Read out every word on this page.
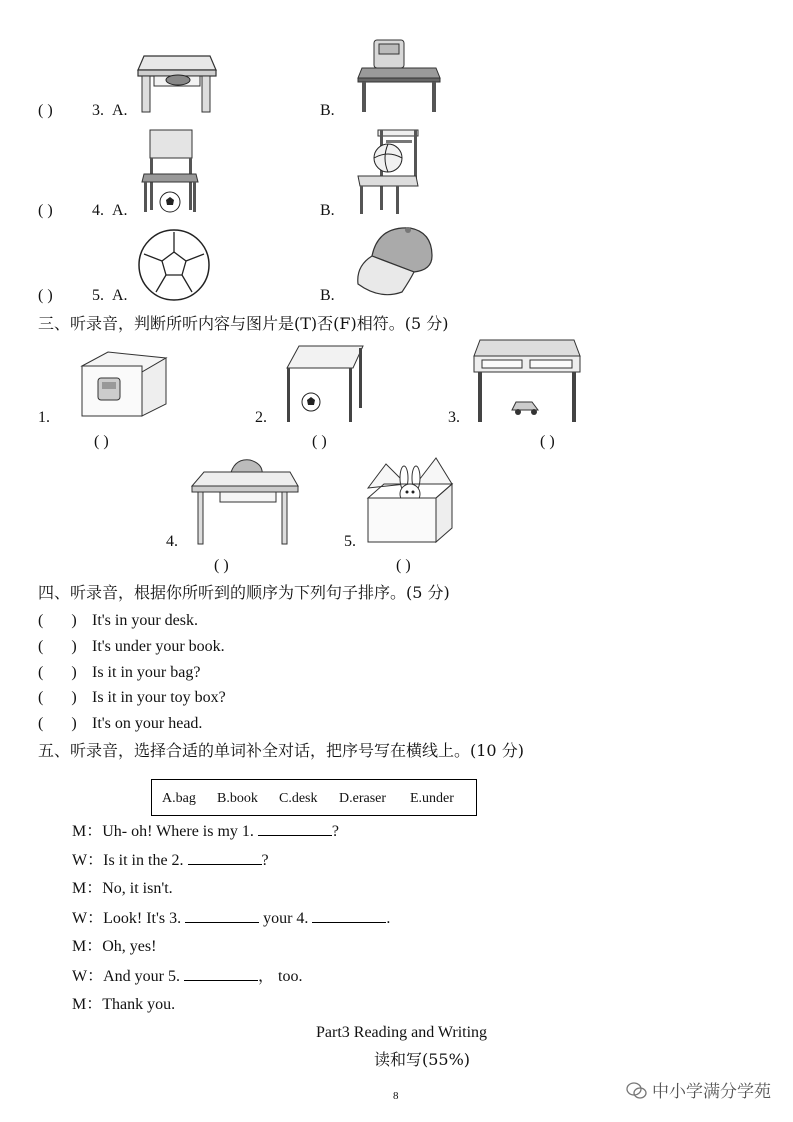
( ) 3. A.	B.
( ) 4. A.	B.
( ) 5. A.	B.
三、听录音，判断所听内容与图片是(T)否(F)相符。(5 分)
1.
( )
2.
( )
3.
( )
4.
( )
5.
( )
四、听录音，根据你所听到的顺序为下列句子排序。(5 分)
(       ) It's in your desk.
(       ) It's under your book.
(       ) Is it in your bag?
(       ) Is it in your toy box?
(       ) It's on your head.
五、听录音，选择合适的单词补全对话，把序号写在横线上。(10 分)
A.bag B.book C.desk D.eraser E.under
M：Uh- oh! Where is my 1.	?
W：Is it in the 2.	?
M：No, it isn't.
W：Look! It's 3.	your 4.	.
M：Oh, yes!
W：And your 5.	， too.
M：Thank you.
Part3 Reading and Writing
读和写(55%)
8	中小学满分学苑
